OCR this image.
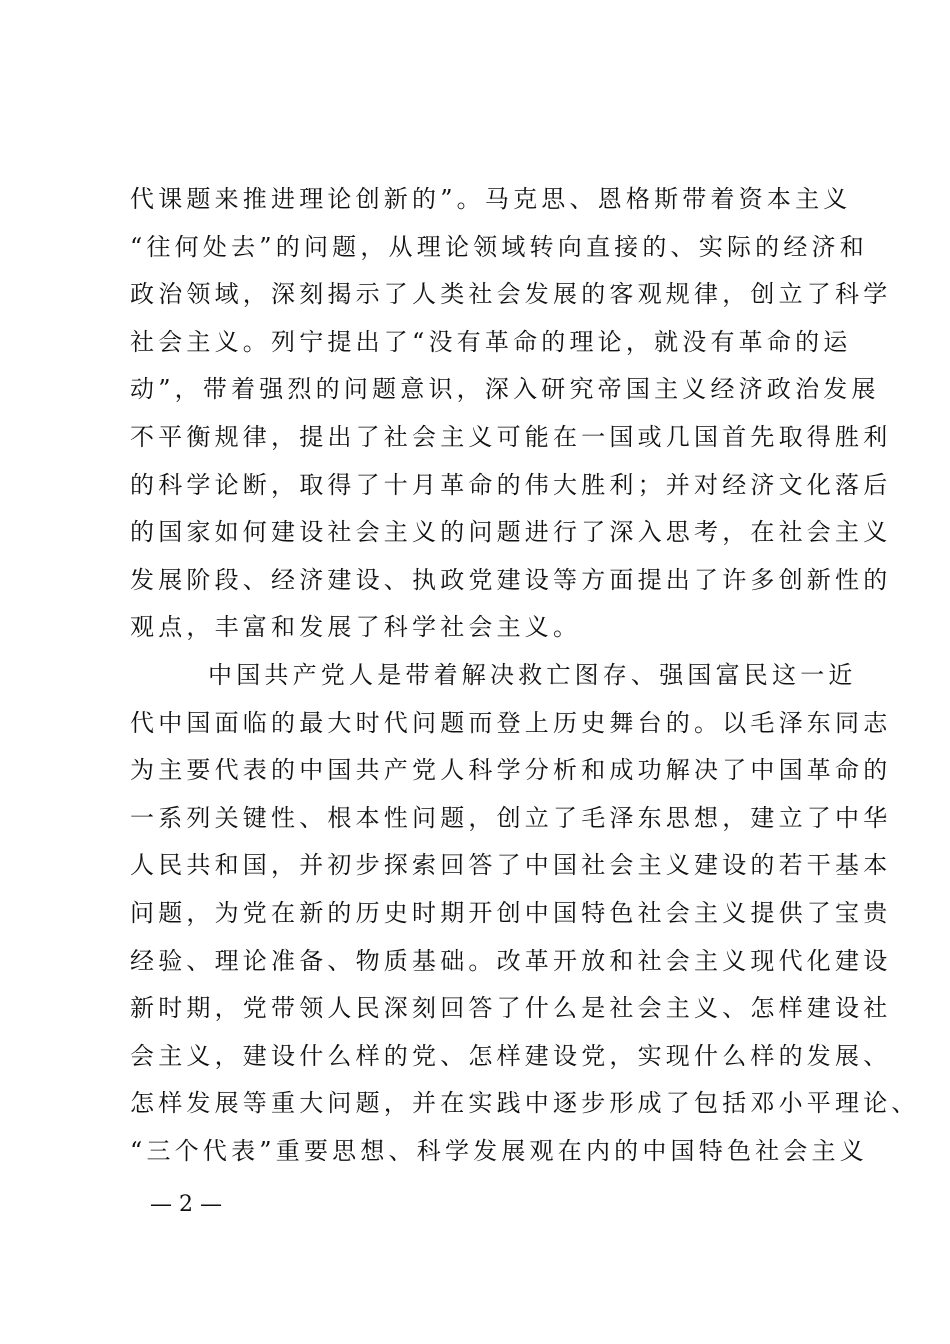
代课题来推进理论创新的”。马克思、恩格斯带着资本主义
“往何处去”的问题，从理论领域转向直接的、实际的经济和
政治领域，深刻揭示了人类社会发展的客观规律，创立了科学
社会主义。列宁提出了“没有革命的理论，就没有革命的运
动”，带着强烈的问题意识，深入研究帝国主义经济政治发展
不平衡规律，提出了社会主义可能在一国或几国首先取得胜利
的科学论断，取得了十月革命的伟大胜利；并对经济文化落后
的国家如何建设社会主义的问题进行了深入思考，在社会主义
发展阶段、经济建设、执政党建设等方面提出了许多创新性的
观点，丰富和发展了科学社会主义。
中国共产党人是带着解决救亡图存、强国富民这一近
代中国面临的最大时代问题而登上历史舞台的。以毛泽东同志
为主要代表的中国共产党人科学分析和成功解决了中国革命的
一系列关键性、根本性问题，创立了毛泽东思想，建立了中华
人民共和国，并初步探索回答了中国社会主义建设的若干基本
问题，为党在新的历史时期开创中国特色社会主义提供了宝贵
经验、理论准备、物质基础。改革开放和社会主义现代化建设
新时期，党带领人民深刻回答了什么是社会主义、怎样建设社
会主义，建设什么样的党、怎样建设党，实现什么样的发展、
怎样发展等重大问题，并在实践中逐步形成了包括邓小平理论、
“三个代表”重要思想、科学发展观在内的中国特色社会主义
— 2 —
